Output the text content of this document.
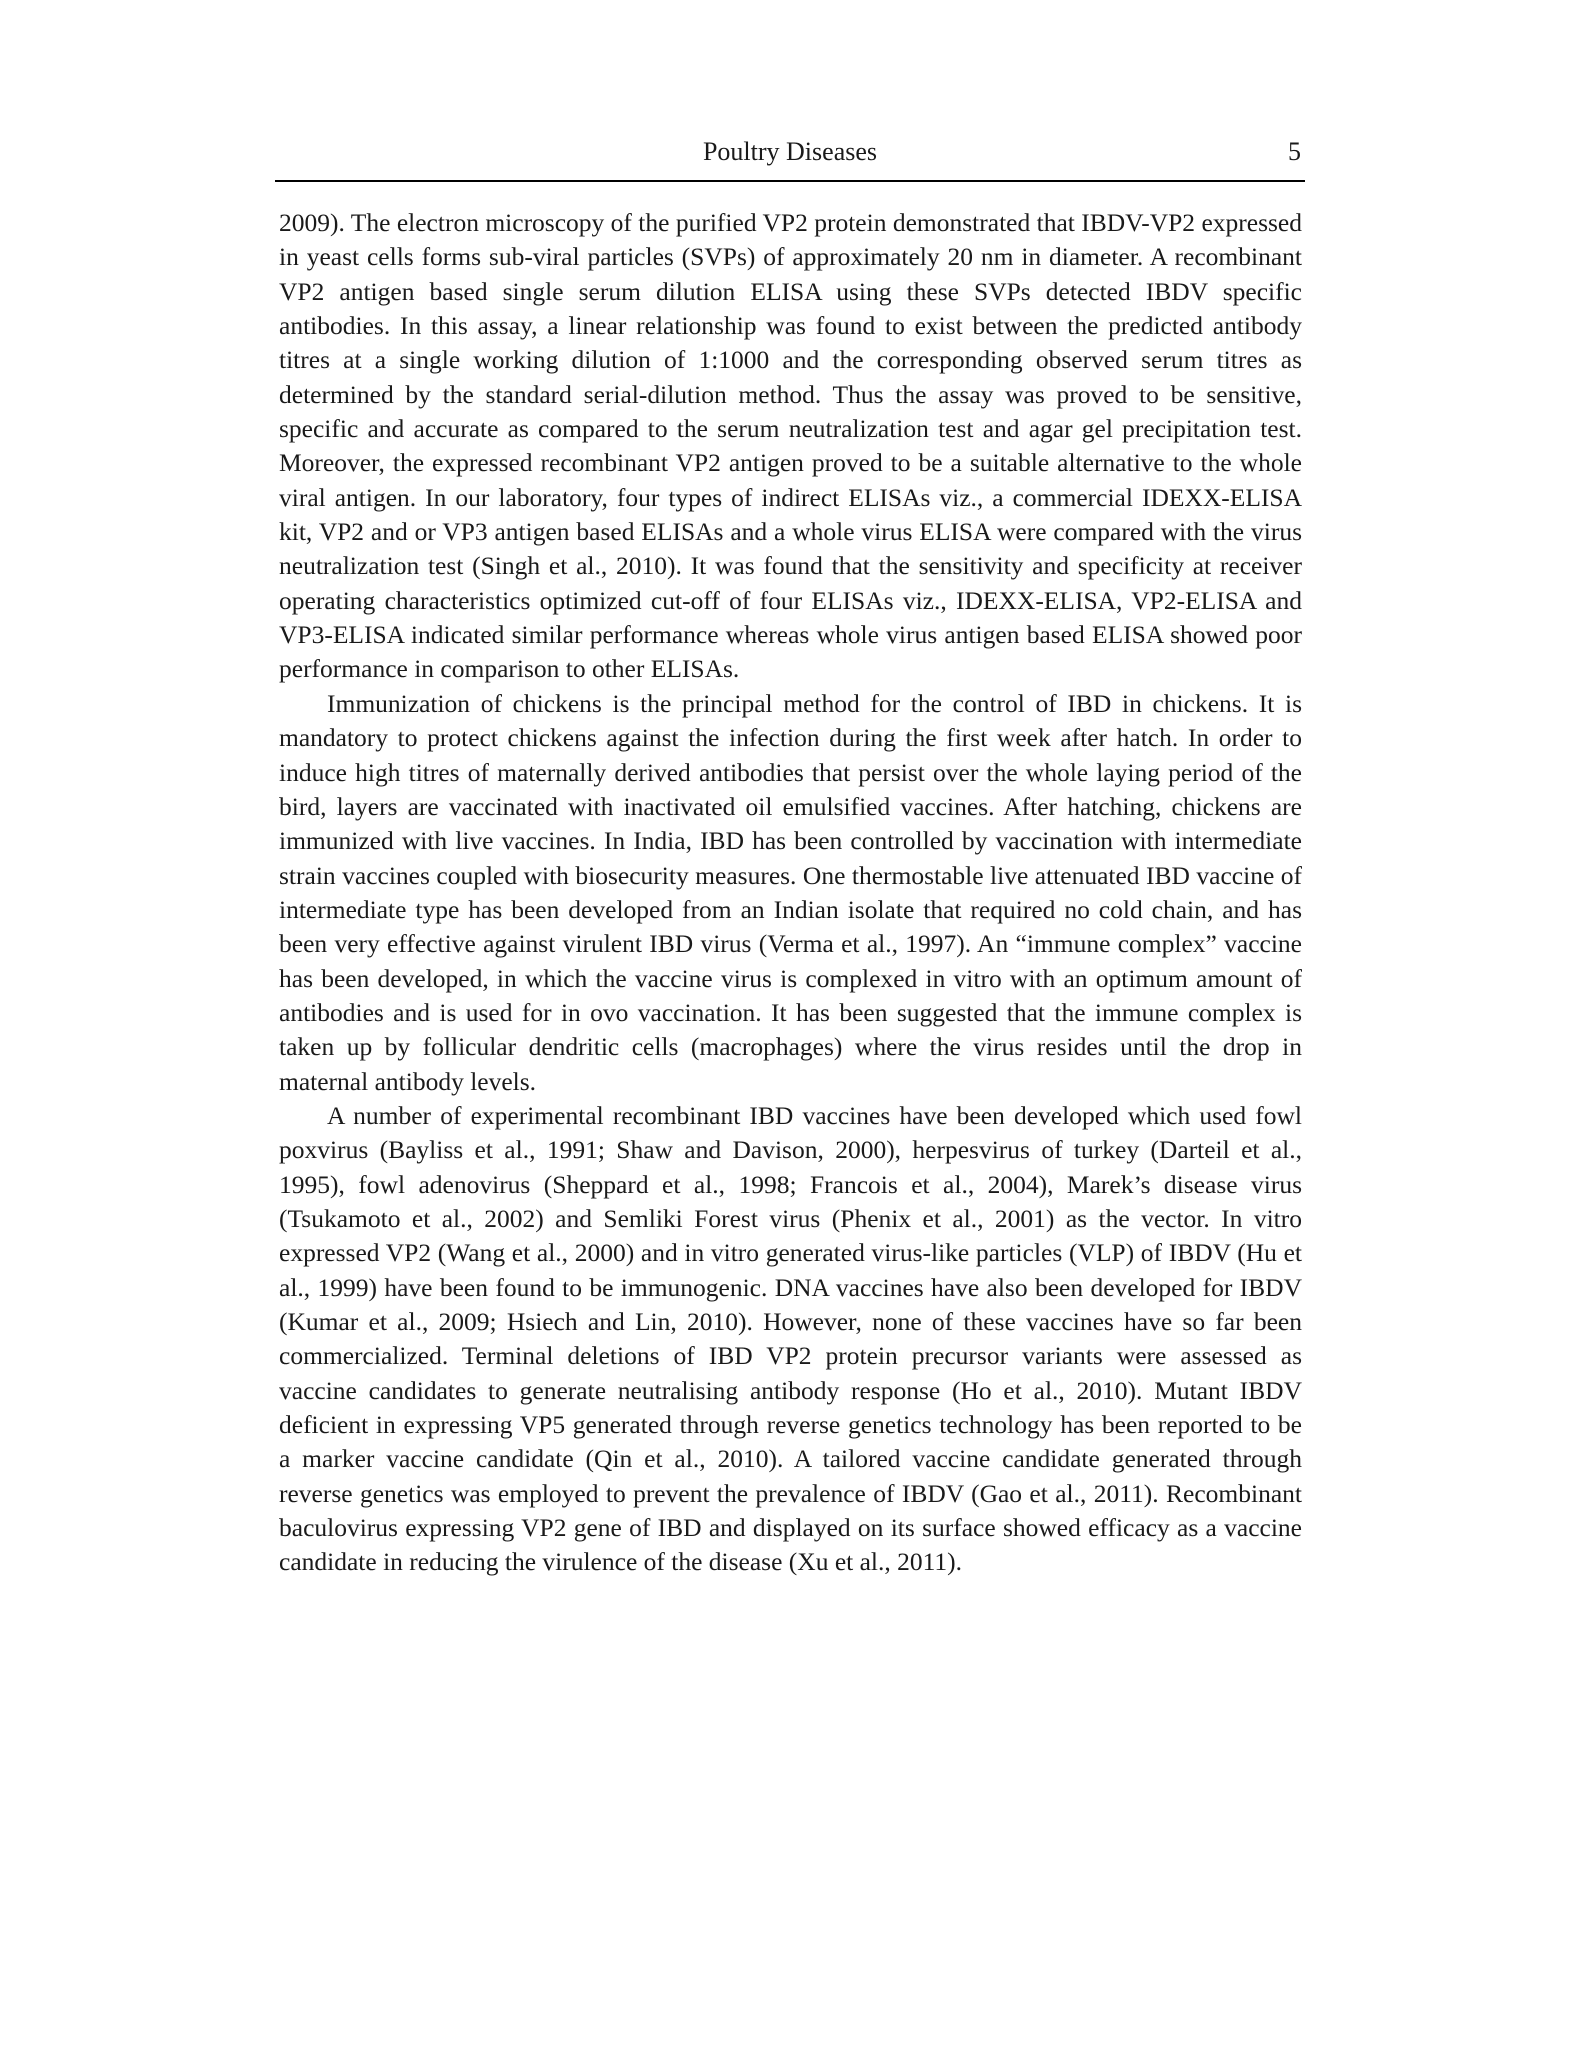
Poultry Diseases	5

2009). The electron microscopy of the purified VP2 protein demonstrated that IBDV-VP2 expressed in yeast cells forms sub-viral particles (SVPs) of approximately 20 nm in diameter. A recombinant VP2 antigen based single serum dilution ELISA using these SVPs detected IBDV specific antibodies. In this assay, a linear relationship was found to exist between the predicted antibody titres at a single working dilution of 1:1000 and the corresponding observed serum titres as determined by the standard serial-dilution method. Thus the assay was proved to be sensitive, specific and accurate as compared to the serum neutralization test and agar gel precipitation test. Moreover, the expressed recombinant VP2 antigen proved to be a suitable alternative to the whole viral antigen. In our laboratory, four types of indirect ELISAs viz., a commercial IDEXX-ELISA kit, VP2 and or VP3 antigen based ELISAs and a whole virus ELISA were compared with the virus neutralization test (Singh et al., 2010). It was found that the sensitivity and specificity at receiver operating characteristics optimized cut-off of four ELISAs viz., IDEXX-ELISA, VP2-ELISA and VP3-ELISA indicated similar performance whereas whole virus antigen based ELISA showed poor performance in comparison to other ELISAs.

Immunization of chickens is the principal method for the control of IBD in chickens. It is mandatory to protect chickens against the infection during the first week after hatch. In order to induce high titres of maternally derived antibodies that persist over the whole laying period of the bird, layers are vaccinated with inactivated oil emulsified vaccines. After hatching, chickens are immunized with live vaccines. In India, IBD has been controlled by vaccination with intermediate strain vaccines coupled with biosecurity measures. One thermostable live attenuated IBD vaccine of intermediate type has been developed from an Indian isolate that required no cold chain, and has been very effective against virulent IBD virus (Verma et al., 1997). An “immune complex” vaccine has been developed, in which the vaccine virus is complexed in vitro with an optimum amount of antibodies and is used for in ovo vaccination. It has been suggested that the immune complex is taken up by follicular dendritic cells (macrophages) where the virus resides until the drop in maternal antibody levels.

A number of experimental recombinant IBD vaccines have been developed which used fowl poxvirus (Bayliss et al., 1991; Shaw and Davison, 2000), herpesvirus of turkey (Darteil et al., 1995), fowl adenovirus (Sheppard et al., 1998; Francois et al., 2004), Marek’s disease virus (Tsukamoto et al., 2002) and Semliki Forest virus (Phenix et al., 2001) as the vector. In vitro expressed VP2 (Wang et al., 2000) and in vitro generated virus-like particles (VLP) of IBDV (Hu et al., 1999) have been found to be immunogenic. DNA vaccines have also been developed for IBDV (Kumar et al., 2009; Hsiech and Lin, 2010). However, none of these vaccines have so far been commercialized. Terminal deletions of IBD VP2 protein precursor variants were assessed as vaccine candidates to generate neutralising antibody response (Ho et al., 2010). Mutant IBDV deficient in expressing VP5 generated through reverse genetics technology has been reported to be a marker vaccine candidate (Qin et al., 2010). A tailored vaccine candidate generated through reverse genetics was employed to prevent the prevalence of IBDV (Gao et al., 2011). Recombinant baculovirus expressing VP2 gene of IBD and displayed on its surface showed efficacy as a vaccine candidate in reducing the virulence of the disease (Xu et al., 2011).
